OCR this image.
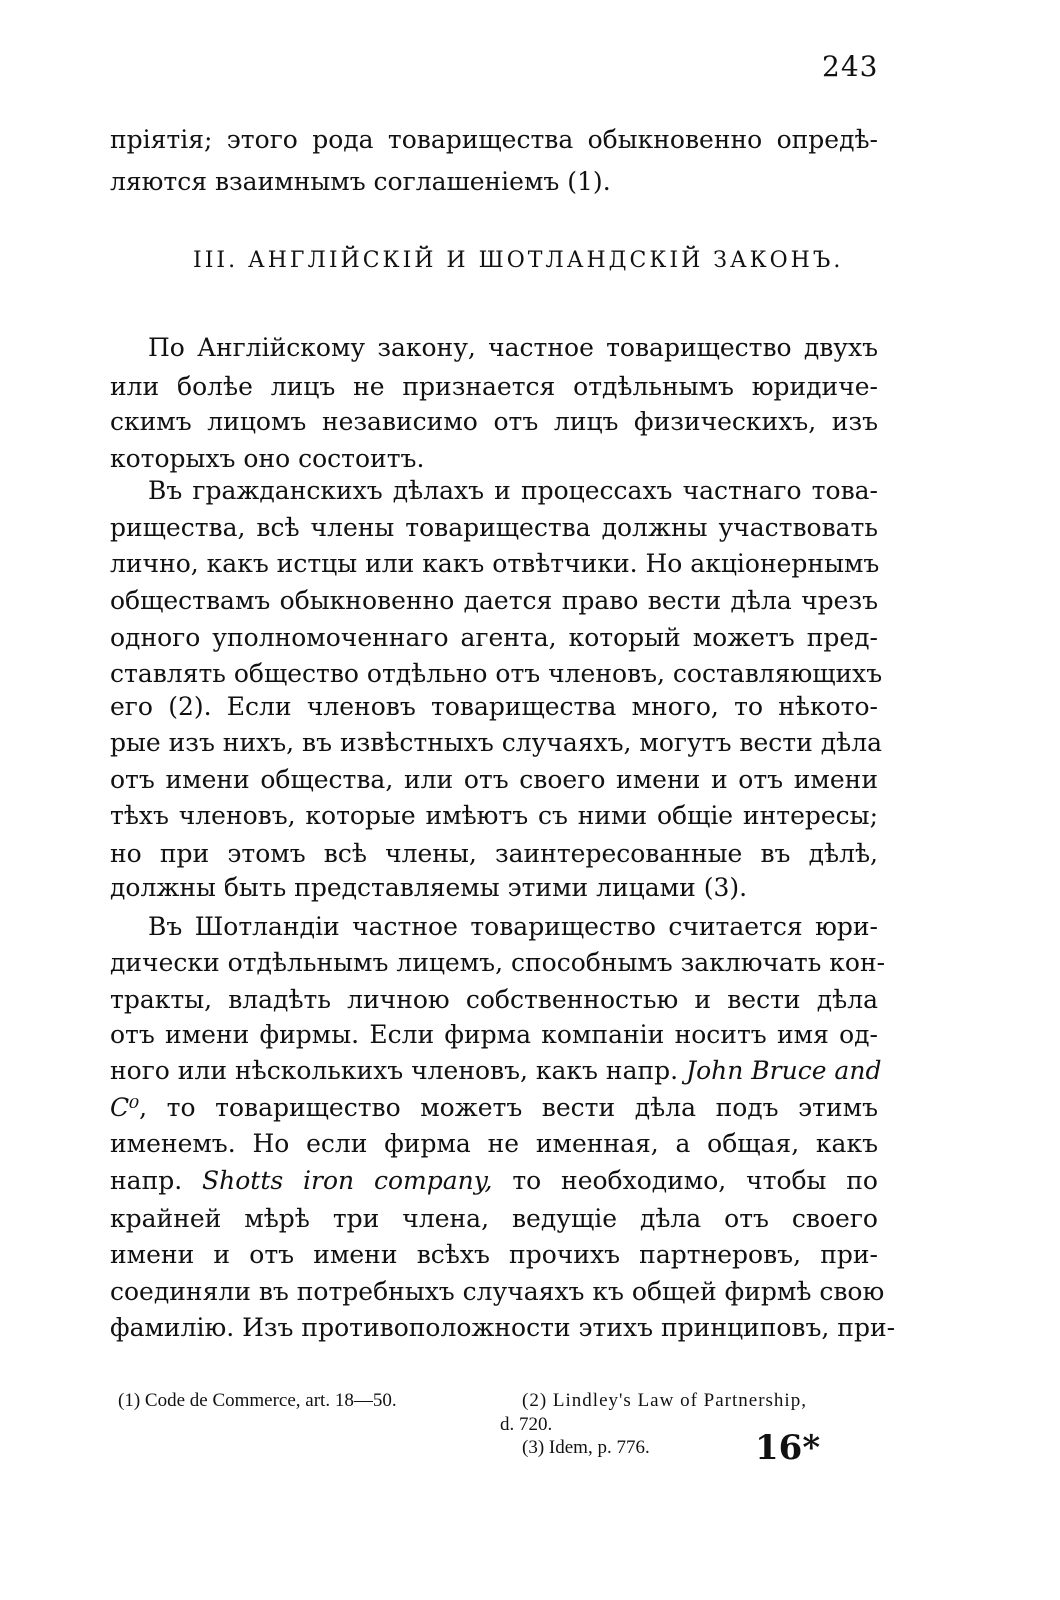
243
пріятія; этого рода товарищества обыкновенно опредѣ-
ляются взаимнымъ соглашеніемъ (1).
III. АНГЛІЙСКІЙ И ШОТЛАНДСКІЙ ЗАКОНЪ.
По Англійскому закону, частное товарищество двухъ
или болѣе лицъ не признается отдѣльнымъ юридиче-
скимъ лицомъ независимо отъ лицъ физическихъ, изъ
которыхъ оно состоитъ.
Въ гражданскихъ дѣлахъ и процессахъ частнаго това-
рищества, всѣ члены товарищества должны участвовать
лично, какъ истцы или какъ отвѣтчики. Но акціонернымъ
обществамъ обыкновенно дается право вести дѣла чрезъ
одного уполномоченнаго агента, который можетъ пред-
ставлять общество отдѣльно отъ членовъ, составляющихъ
его (2). Если членовъ товарищества много, то нѣкото-
рые изъ нихъ, въ извѣстныхъ случаяхъ, могутъ вести дѣла
отъ имени общества, или отъ своего имени и отъ имени
тѣхъ членовъ, которые имѣютъ съ ними общіе интересы;
но при этомъ всѣ члены, заинтересованные въ дѣлѣ,
должны быть представляемы этими лицами (3).
Въ Шотландіи частное товарищество считается юри-
дически отдѣльнымъ лицемъ, способнымъ заключать кон-
тракты, владѣть личною собственностью и вести дѣла
отъ имени фирмы. Если фирма компаніи носитъ имя од-
ного или нѣсколькихъ членовъ, какъ напр. John Bruce and
C⁰, то товарищество можетъ вести дѣла подъ этимъ
именемъ. Но если фирма не именная, а общая, какъ
напр. Shotts iron company, то необходимо, чтобы по
крайней мѣрѣ три члена, ведущіе дѣла отъ своего
имени и отъ имени всѣхъ прочихъ партнеровъ, при-
соединяли въ потребныхъ случаяхъ къ общей фирмѣ свою
фамилію. Изъ противоположности этихъ принциповъ, при-
(1) Code de Commerce, art. 18—50.	(2) Lindley's Law of Partnership,
d. 720.
(3) Idem, p. 776.	16*
